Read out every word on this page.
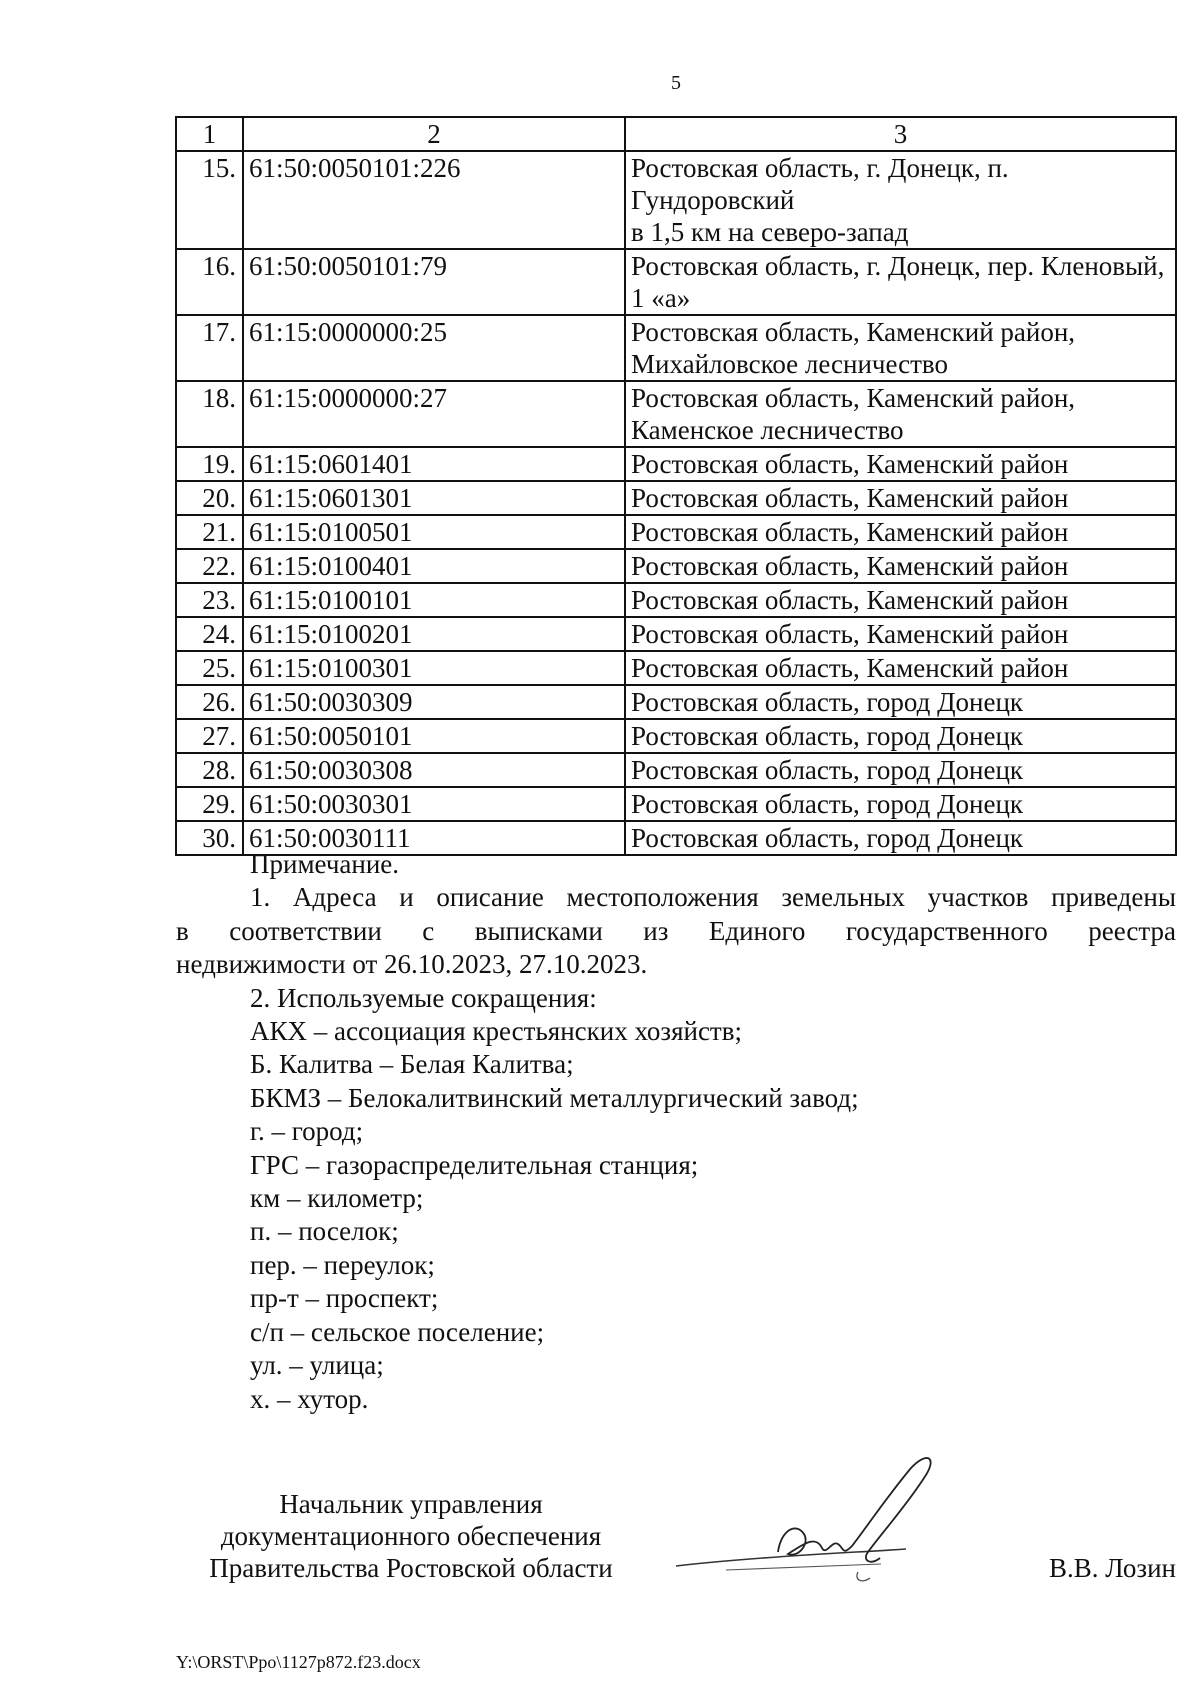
5
1	2	3
15.	61:50:0050101:226	Ростовская область, г. Донецк, п. Гундоровский
в 1,5 км на северо-запад

16.	61:50:0050101:79	Ростовская область, г. Донецк, пер. Кленовый,
1 «а»

17.	61:15:0000000:25	Ростовская область, Каменский район,
Михайловское лесничество

18.	61:15:0000000:27	Ростовская область, Каменский район,
Каменское лесничество

19.	61:15:0601401	Ростовская область, Каменский район

20.	61:15:0601301	Ростовская область, Каменский район

21.	61:15:0100501	Ростовская область, Каменский район

22.	61:15:0100401	Ростовская область, Каменский район

23.	61:15:0100101	Ростовская область, Каменский район

24.	61:15:0100201	Ростовская область, Каменский район

25.	61:15:0100301	Ростовская область, Каменский район

26.	61:50:0030309	Ростовская область, город Донецк

27.	61:50:0050101	Ростовская область, город Донецк

28.	61:50:0030308	Ростовская область, город Донецк

29.	61:50:0030301	Ростовская область, город Донецк

30.	61:50:0030111	Ростовская область, город Донецк

Примечание.

1. Адреса и описание местоположения земельных участков приведены

в соответствии с выписками из Единого государственного реестра

недвижимости от 26.10.2023, 27.10.2023.

2. Используемые сокращения:

АКХ – ассоциация крестьянских хозяйств;
Б. Калитва – Белая Калитва;
БКМЗ – Белокалитвинский металлургический завод;
г. – город;
ГРС – газораспределительная станция;
км – километр;
п. – поселок;
пер. – переулок;
пр-т – проспект;
с/п – сельское поселение;
ул. – улица;
х. – хутор.
Начальник управления
документационного обеспечения
Правительства Ростовской области	В.В. Лозин
Y:\ORST\Ppo\1127p872.f23.docx
